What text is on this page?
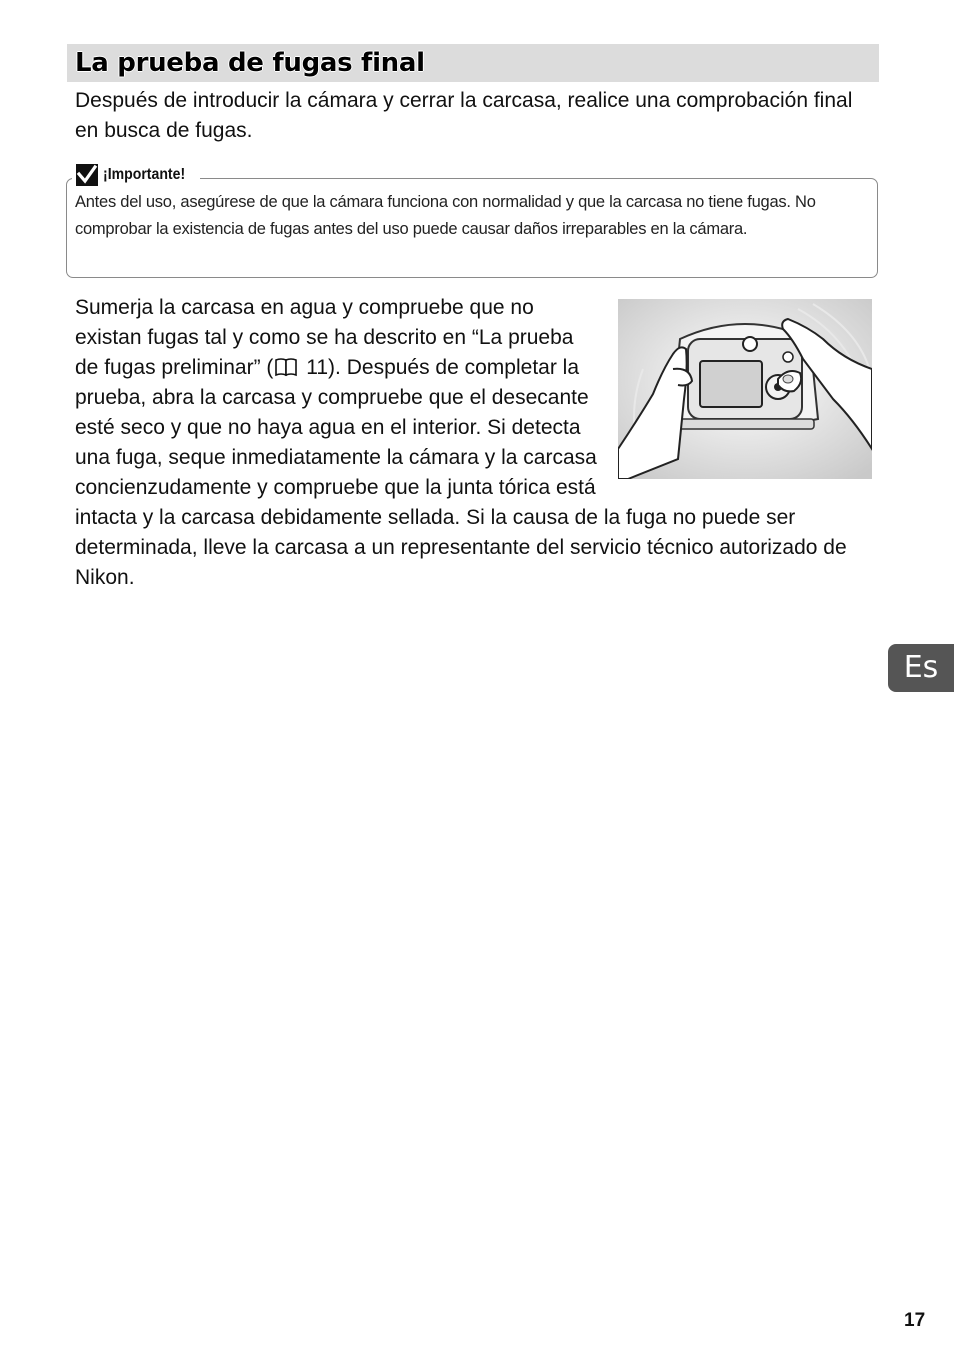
La prueba de fugas final

Después de introducir la cámara y cerrar la carcasa, realice una comprobación final en busca de fugas.

¡Importante!

Antes del uso, asegúrese de que la cámara funciona con normalidad y que la carcasa no tiene fugas. No comprobar la existencia de fugas antes del uso puede causar daños irreparables en la cámara.

Sumerja la carcasa en agua y compruebe que no existan fugas tal y como se ha descrito en “La prueba de fugas preliminar” ( 11). Después de completar la prueba, abra la carcasa y compruebe que el desecante esté seco y que no haya agua en el interior. Si detecta una fuga, seque inmediatamente la cámara y la carcasa concienzudamente y compruebe que la junta tórica está intacta y la carcasa debidamente sellada. Si la causa de la fuga no puede ser determinada, lleve la carcasa a un representante del servicio técnico autorizado de Nikon.
Es
17
